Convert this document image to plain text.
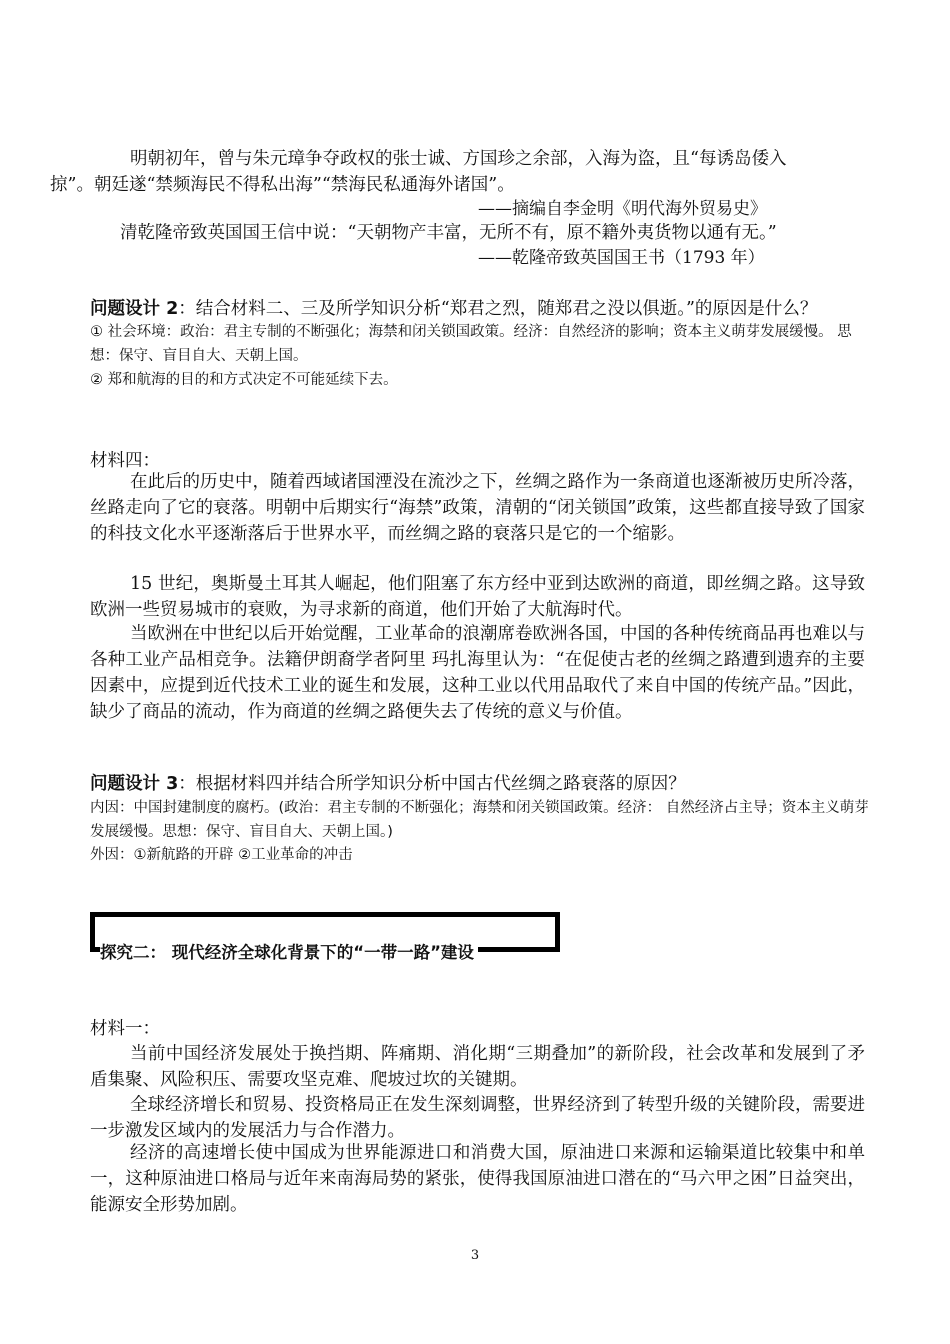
明朝初年，曾与朱元璋争夺政权的张士诚、方国珍之余部，入海为盗，且“每诱岛倭入
掠”。朝廷遂“禁频海民不得私出海”“禁海民私通海外诸国”。

——摘编自李金明《明代海外贸易史》

清乾隆帝致英国国王信中说：“天朝物产丰富，无所不有，原不籍外夷货物以通有无。”

——乾隆帝致英国国王书（1793 年）

问题设计 2：结合材料二、三及所学知识分析“郑君之烈，随郑君之没以俱逝。”的原因是什么？

① 社会环境：政治：君主专制的不断强化；海禁和闭关锁国政策。经济：自然经济的影响；资本主义萌芽发展缓慢。 思想：保守、盲目自大、天朝上国。

② 郑和航海的目的和方式决定不可能延续下去。

材料四：

在此后的历史中，随着西域诸国湮没在流沙之下，丝绸之路作为一条商道也逐渐被历史所冷落，丝路走向了它的衰落。明朝中后期实行“海禁”政策，清朝的“闭关锁国”政策，这些都直接导致了国家的科技文化水平逐渐落后于世界水平，而丝绸之路的衰落只是它的一个缩影。

15 世纪，奥斯曼土耳其人崛起，他们阻塞了东方经中亚到达欧洲的商道，即丝绸之路。这导致欧洲一些贸易城市的衰败，为寻求新的商道，他们开始了大航海时代。

当欧洲在中世纪以后开始觉醒，工业革命的浪潮席卷欧洲各国，中国的各种传统商品再也难以与各种工业产品相竞争。法籍伊朗裔学者阿里 玛扎海里认为：“在促使古老的丝绸之路遭到遗弃的主要因素中，应提到近代技术工业的诞生和发展，这种工业以代用品取代了来自中国的传统产品。”因此，缺少了商品的流动，作为商道的丝绸之路便失去了传统的意义与价值。

问题设计 3：根据材料四并结合所学知识分析中国古代丝绸之路衰落的原因？

内因：中国封建制度的腐朽。(政治：君主专制的不断强化；海禁和闭关锁国政策。经济： 自然经济占主导；资本主义萌芽发展缓慢。思想：保守、盲目自大、天朝上国。)

外因：①新航路的开辟 ②工业革命的冲击

探究二： 现代经济全球化背景下的“一带一路”建设

材料一：

当前中国经济发展处于换挡期、阵痛期、消化期“三期叠加”的新阶段，社会改革和发展到了矛盾集聚、风险积压、需要攻坚克难、爬坡过坎的关键期。

全球经济增长和贸易、投资格局正在发生深刻调整，世界经济到了转型升级的关键阶段，需要进一步激发区域内的发展活力与合作潜力。

经济的高速增长使中国成为世界能源进口和消费大国，原油进口来源和运输渠道比较集中和单一，这种原油进口格局与近年来南海局势的紧张，使得我国原油进口潜在的“马六甲之困”日益突出，能源安全形势加剧。

3
